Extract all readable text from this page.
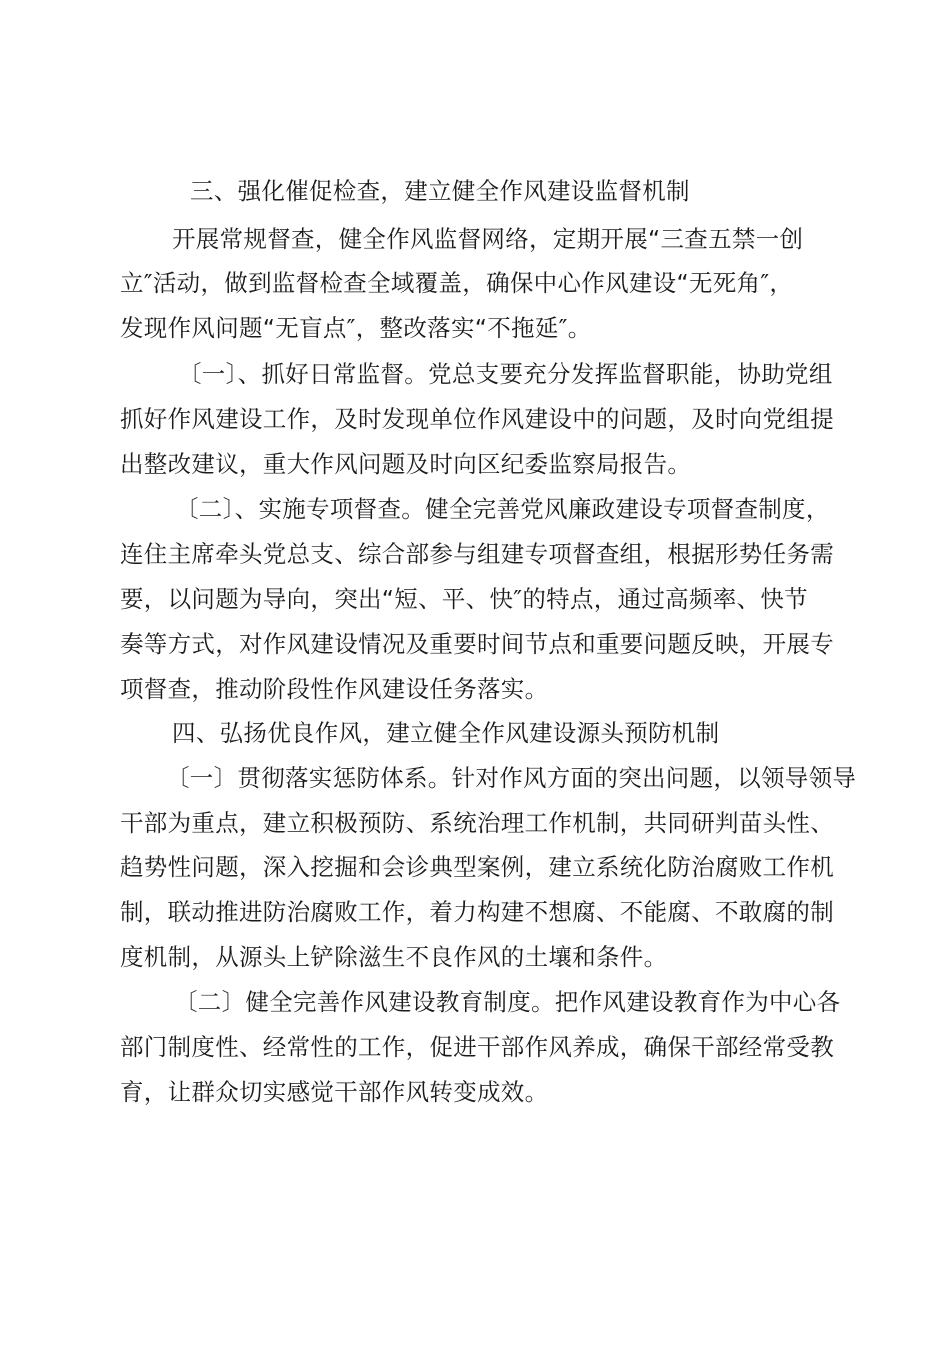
三、强化催促检查，建立健全作风建设监督机制
开展常规督查，健全作风监督网络，定期开展“三查五禁一创
立″活动，做到监督检查全域覆盖，确保中心作风建设“无死角″，
发现作风问题“无盲点″，整改落实“不拖延″。
〔一〕、抓好日常监督。党总支要充分发挥监督职能，协助党组
抓好作风建设工作，及时发现单位作风建设中的问题，及时向党组提
出整改建议，重大作风问题及时向区纪委监察局报告。
〔二〕、实施专项督查。健全完善党风廉政建设专项督查制度，
连住主席牵头党总支、综合部参与组建专项督查组，根据形势任务需
要，以问题为导向，突出“短、平、快″的特点，通过高频率、快节
奏等方式，对作风建设情况及重要时间节点和重要问题反映，开展专
项督查，推动阶段性作风建设任务落实。
四、弘扬优良作风，建立健全作风建设源头预防机制
〔一〕贯彻落实惩防体系。针对作风方面的突出问题，以领导领导
干部为重点，建立积极预防、系统治理工作机制，共同研判苗头性、
趋势性问题，深入挖掘和会诊典型案例，建立系统化防治腐败工作机
制，联动推进防治腐败工作，着力构建不想腐、不能腐、不敢腐的制
度机制，从源头上铲除滋生不良作风的土壤和条件。
〔二〕健全完善作风建设教育制度。把作风建设教育作为中心各
部门制度性、经常性的工作，促进干部作风养成，确保干部经常受教
育，让群众切实感觉干部作风转变成效。
